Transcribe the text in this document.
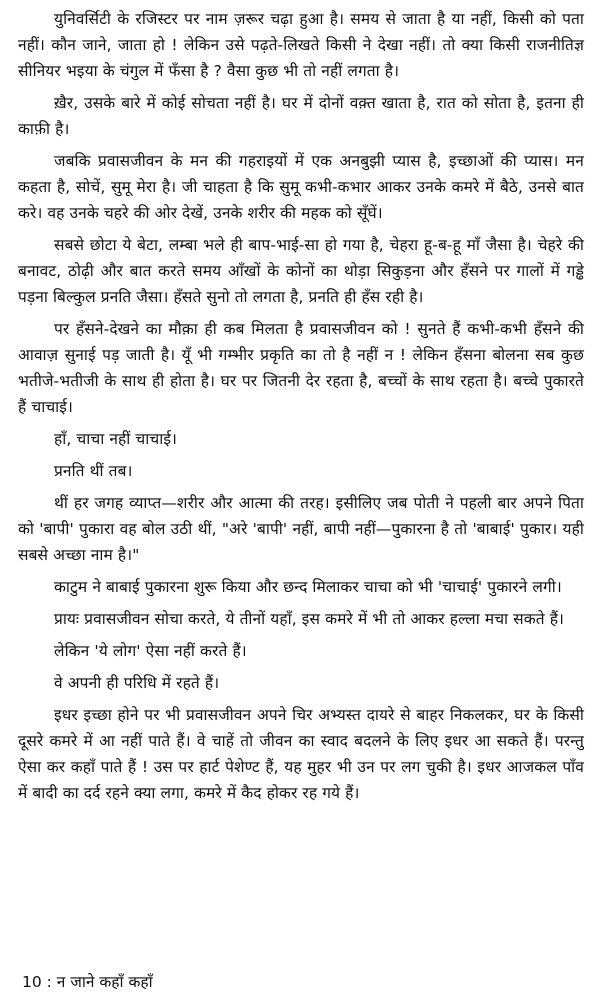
युनिवर्सिटी के रजिस्टर पर नाम ज़रूर चढ़ा हुआ है। समय से जाता है या नहीं, किसी को पता नहीं। कौन जाने, जाता हो ! लेकिन उसे पढ़ते-लिखते किसी ने देखा नहीं। तो क्या किसी राजनीतिज्ञ सीनियर भइया के चंगुल में फँसा है ? वैसा कुछ भी तो नहीं लगता है।

ख़ैर, उसके बारे में कोई सोचता नहीं है। घर में दोनों वक़्त खाता है, रात को सोता है, इतना ही काफ़ी है।

जबकि प्रवासजीवन के मन की गहराइयों में एक अनबुझी प्यास है, इच्छाओं की प्यास। मन कहता है, सोचें, सुमू मेरा है। जी चाहता है कि सुमू कभी-कभार आकर उनके कमरे में बैठे, उनसे बात करे। वह उनके चहरे की ओर देखें, उनके शरीर की महक को सूँघें।

सबसे छोटा ये बेटा, लम्बा भले ही बाप-भाई-सा हो गया है, चेहरा हू-ब-हू माँ जैसा है। चेहरे की बनावट, ठोढ़ी और बात करते समय आँखों के कोनों का थोड़ा सिकुड़ना और हँसने पर गालों में गड्ढे पड़ना बिल्कुल प्रनति जैसा। हँसते सुनो तो लगता है, प्रनति ही हँस रही है।

पर हँसने-देखने का मौक़ा ही कब मिलता है प्रवासजीवन को ! सुनते हैं कभी-कभी हँसने की आवाज़ सुनाई पड़ जाती है। यूँ भी गम्भीर प्रकृति का तो है नहीं न ! लेकिन हँसना बोलना सब कुछ भतीजे-भतीजी के साथ ही होता है। घर पर जितनी देर रहता है, बच्चों के साथ रहता है। बच्चे पुकारते हैं चाचाई।

हाँ, चाचा नहीं चाचाई।

प्रनति थीं तब।

थीं हर जगह व्याप्त—शरीर और आत्मा की तरह। इसीलिए जब पोती ने पहली बार अपने पिता को 'बापी' पुकारा वह बोल उठी थीं, "अरे 'बापी' नहीं, बापी नहीं—पुकारना है तो 'बाबाई' पुकार। यही सबसे अच्छा नाम है।"

काटुम ने बाबाई पुकारना शुरू किया और छन्द मिलाकर चाचा को भी 'चाचाई' पुकारने लगी।

प्रायः प्रवासजीवन सोचा करते, ये तीनों यहाँ, इस कमरे में भी तो आकर हल्ला मचा सकते हैं।

लेकिन 'ये लोग' ऐसा नहीं करते हैं।

वे अपनी ही परिधि में रहते हैं।

इधर इच्छा होने पर भी प्रवासजीवन अपने चिर अभ्यस्त दायरे से बाहर निकलकर, घर के किसी दूसरे कमरे में आ नहीं पाते हैं। वे चाहें तो जीवन का स्वाद बदलने के लिए इधर आ सकते हैं। परन्तु ऐसा कर कहाँ पाते हैं ! उस पर हार्ट पेशेण्ट हैं, यह मुहर भी उन पर लग चुकी है। इधर आजकल पाँव में बादी का दर्द रहने क्या लगा, कमरे में कैद होकर रह गये हैं।

10 : न जाने कहाँ कहाँ
